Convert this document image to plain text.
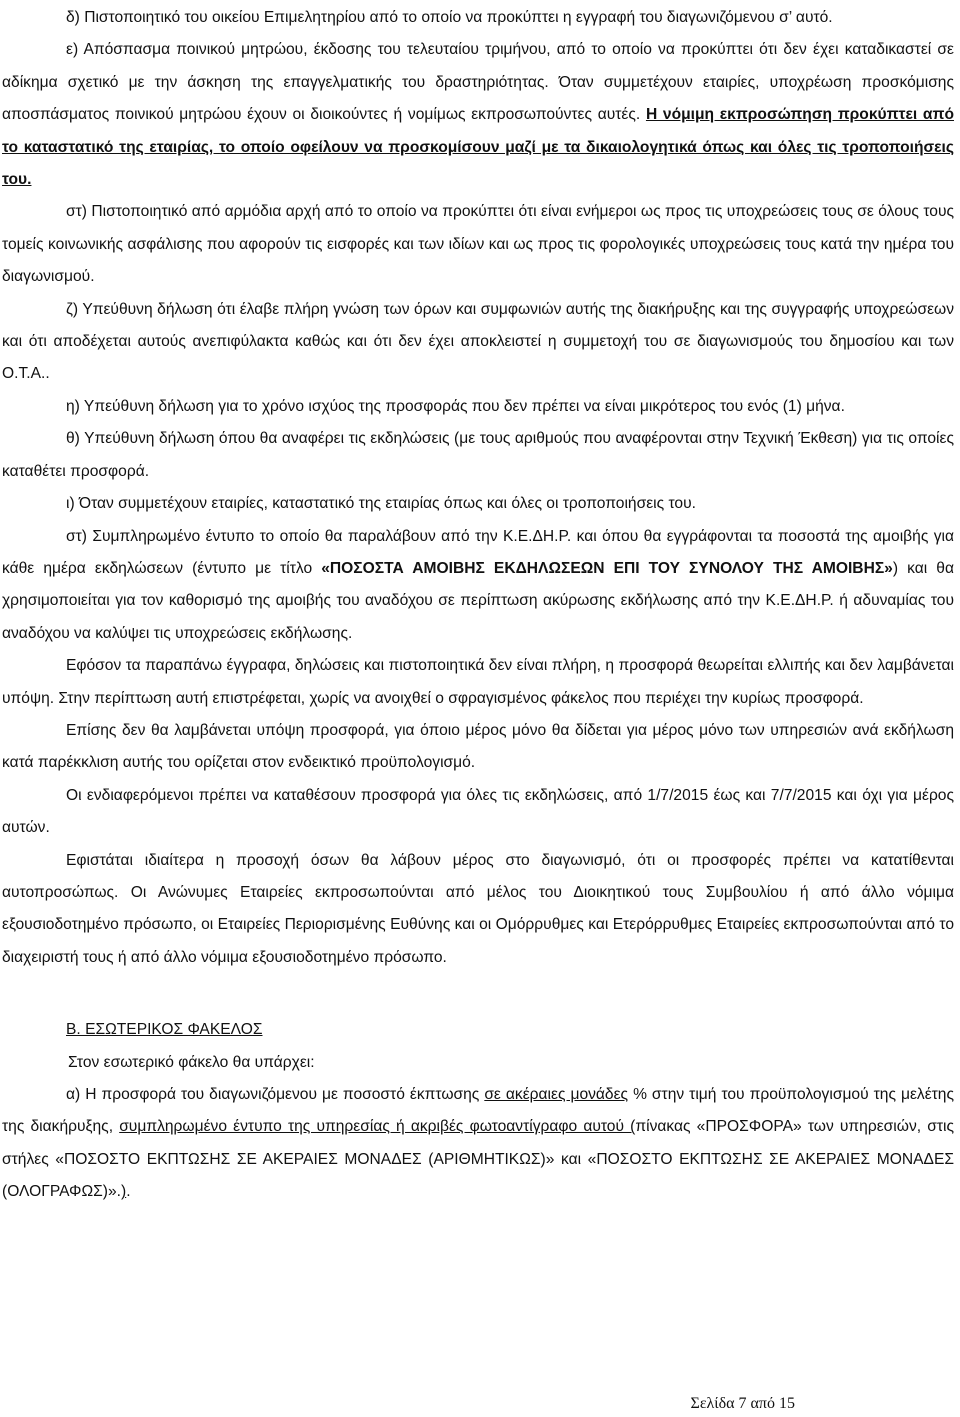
δ) Πιστοποιητικό του οικείου Επιμελητηρίου από το οποίο να προκύπτει η εγγραφή του διαγωνιζόμενου σ’ αυτό.

ε) Απόσπασμα ποινικού μητρώου, έκδοσης του τελευταίου τριμήνου, από το οποίο να προκύπτει ότι δεν έχει καταδικαστεί σε αδίκημα σχετικό με την άσκηση της επαγγελματικής του δραστηριότητας. Όταν συμμετέχουν εταιρίες, υποχρέωση προσκόμισης αποσπάσματος ποινικού μητρώου έχουν οι διοικούντες ή νομίμως εκπροσωπούντες αυτές. Η νόμιμη εκπροσώπηση προκύπτει από το καταστατικό της εταιρίας, το οποίο οφείλουν να προσκομίσουν μαζί με τα δικαιολογητικά όπως και όλες τις τροποποιήσεις του.

στ) Πιστοποιητικό από αρμόδια αρχή από το οποίο να προκύπτει ότι είναι ενήμεροι ως προς τις υποχρεώσεις τους σε όλους τους τομείς κοινωνικής ασφάλισης που αφορούν τις εισφορές και των ιδίων και ως προς τις φορολογικές υποχρεώσεις τους κατά την ημέρα του διαγωνισμού.

ζ) Υπεύθυνη δήλωση ότι έλαβε πλήρη γνώση των όρων και συμφωνιών αυτής της διακήρυξης και της συγγραφής υποχρεώσεων και ότι αποδέχεται αυτούς ανεπιφύλακτα καθώς και ότι δεν έχει αποκλειστεί η συμμετοχή του σε διαγωνισμούς του δημοσίου και των Ο.Τ.Α..

η) Υπεύθυνη δήλωση για το χρόνο ισχύος της προσφοράς που δεν πρέπει να είναι μικρότερος του ενός (1) μήνα.

θ) Υπεύθυνη δήλωση όπου θα αναφέρει τις εκδηλώσεις (με τους αριθμούς που αναφέρονται στην Τεχνική Έκθεση) για τις οποίες καταθέτει προσφορά.

ι) Όταν συμμετέχουν εταιρίες, καταστατικό της εταιρίας όπως και όλες οι τροποποιήσεις του.

στ) Συμπληρωμένο έντυπο το οποίο θα παραλάβουν από την Κ.Ε.ΔΗ.Ρ. και όπου θα εγγράφονται τα ποσοστά της αμοιβής για κάθε ημέρα εκδηλώσεων (έντυπο με τίτλο «ΠΟΣΟΣΤΑ ΑΜΟΙΒΗΣ ΕΚΔΗΛΩΣΕΩΝ ΕΠΙ ΤΟΥ ΣΥΝΟΛΟΥ ΤΗΣ ΑΜΟΙΒΗΣ») και θα χρησιμοποιείται για τον καθορισμό της αμοιβής του αναδόχου σε περίπτωση ακύρωσης εκδήλωσης από την Κ.Ε.ΔΗ.Ρ. ή αδυναμίας του αναδόχου να καλύψει τις υποχρεώσεις εκδήλωσης.

Εφόσον τα παραπάνω έγγραφα, δηλώσεις και πιστοποιητικά δεν είναι πλήρη, η προσφορά θεωρείται ελλιπής και δεν λαμβάνεται υπόψη. Στην περίπτωση αυτή επιστρέφεται, χωρίς να ανοιχθεί ο σφραγισμένος φάκελος που περιέχει την κυρίως προσφορά.

Επίσης δεν θα λαμβάνεται υπόψη προσφορά, για όποιο μέρος μόνο θα δίδεται για μέρος μόνο των υπηρεσιών ανά εκδήλωση κατά παρέκκλιση αυτής του ορίζεται στον ενδεικτικό προϋπολογισμό.

Οι ενδιαφερόμενοι πρέπει να καταθέσουν προσφορά για όλες τις εκδηλώσεις, από 1/7/2015 έως και 7/7/2015 και όχι για μέρος αυτών.

Εφιστάται ιδιαίτερα η προσοχή όσων θα λάβουν μέρος στο διαγωνισμό, ότι οι προσφορές πρέπει να κατατίθενται αυτοπροσώπως. Οι Ανώνυμες Εταιρείες εκπροσωπούνται από μέλος του Διοικητικού τους Συμβουλίου ή από άλλο νόμιμα εξουσιοδοτημένο πρόσωπο, οι Εταιρείες Περιορισμένης Ευθύνης και οι Ομόρρυθμες και Ετερόρρυθμες Εταιρείες εκπροσωπούνται από το διαχειριστή τους ή από άλλο νόμιμα εξουσιοδοτημένο πρόσωπο.

Β. ΕΣΩΤΕΡΙΚΟΣ ΦΑΚΕΛΟΣ

Στον εσωτερικό φάκελο θα υπάρχει:

α) Η προσφορά του διαγωνιζόμενου με ποσοστό έκπτωσης σε ακέραιες μονάδες % στην τιμή του προϋπολογισμού της μελέτης της διακήρυξης, συμπληρωμένο έντυπο της υπηρεσίας ή ακριβές φωτοαντίγραφο αυτού (πίνακας «ΠΡΟΣΦΟΡΑ» των υπηρεσιών, στις στήλες «ΠΟΣΟΣΤΟ ΕΚΠΤΩΣΗΣ ΣΕ ΑΚΕΡΑΙΕΣ ΜΟΝΑΔΕΣ (ΑΡΙΘΜΗΤΙΚΩΣ)» και «ΠΟΣΟΣΤΟ ΕΚΠΤΩΣΗΣ ΣΕ ΑΚΕΡΑΙΕΣ ΜΟΝΑΔΕΣ (ΟΛΟΓΡΑΦΩΣ)».).

Σελίδα 7 από 15
